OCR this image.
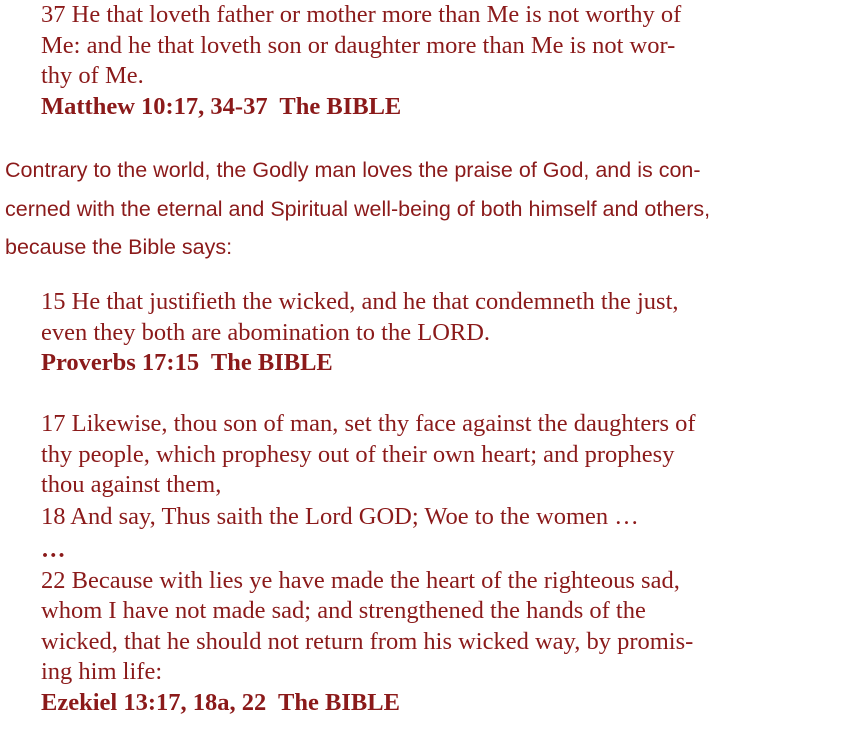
37 He that loveth father or mother more than Me is not worthy of
Me: and he that loveth son or daughter more than Me is not wor-
thy of Me.
Matthew 10:17, 34-37  The BIBLE
Contrary to the world, the Godly man loves the praise of God, and is con-
cerned with the eternal and Spiritual well-being of both himself and others,
because the Bible says:
15 He that justifieth the wicked, and he that condemneth the just,
even they both are abomination to the LORD.
Proverbs 17:15  The BIBLE
17 Likewise, thou son of man, set thy face against the daughters of
thy people, which prophesy out of their own heart; and prophesy
thou against them,
18 And say, Thus saith the Lord GOD; Woe to the women …
…
22 Because with lies ye have made the heart of the righteous sad,
whom I have not made sad; and strengthened the hands of the
wicked, that he should not return from his wicked way, by promis-
ing him life:
Ezekiel 13:17, 18a, 22  The BIBLE
